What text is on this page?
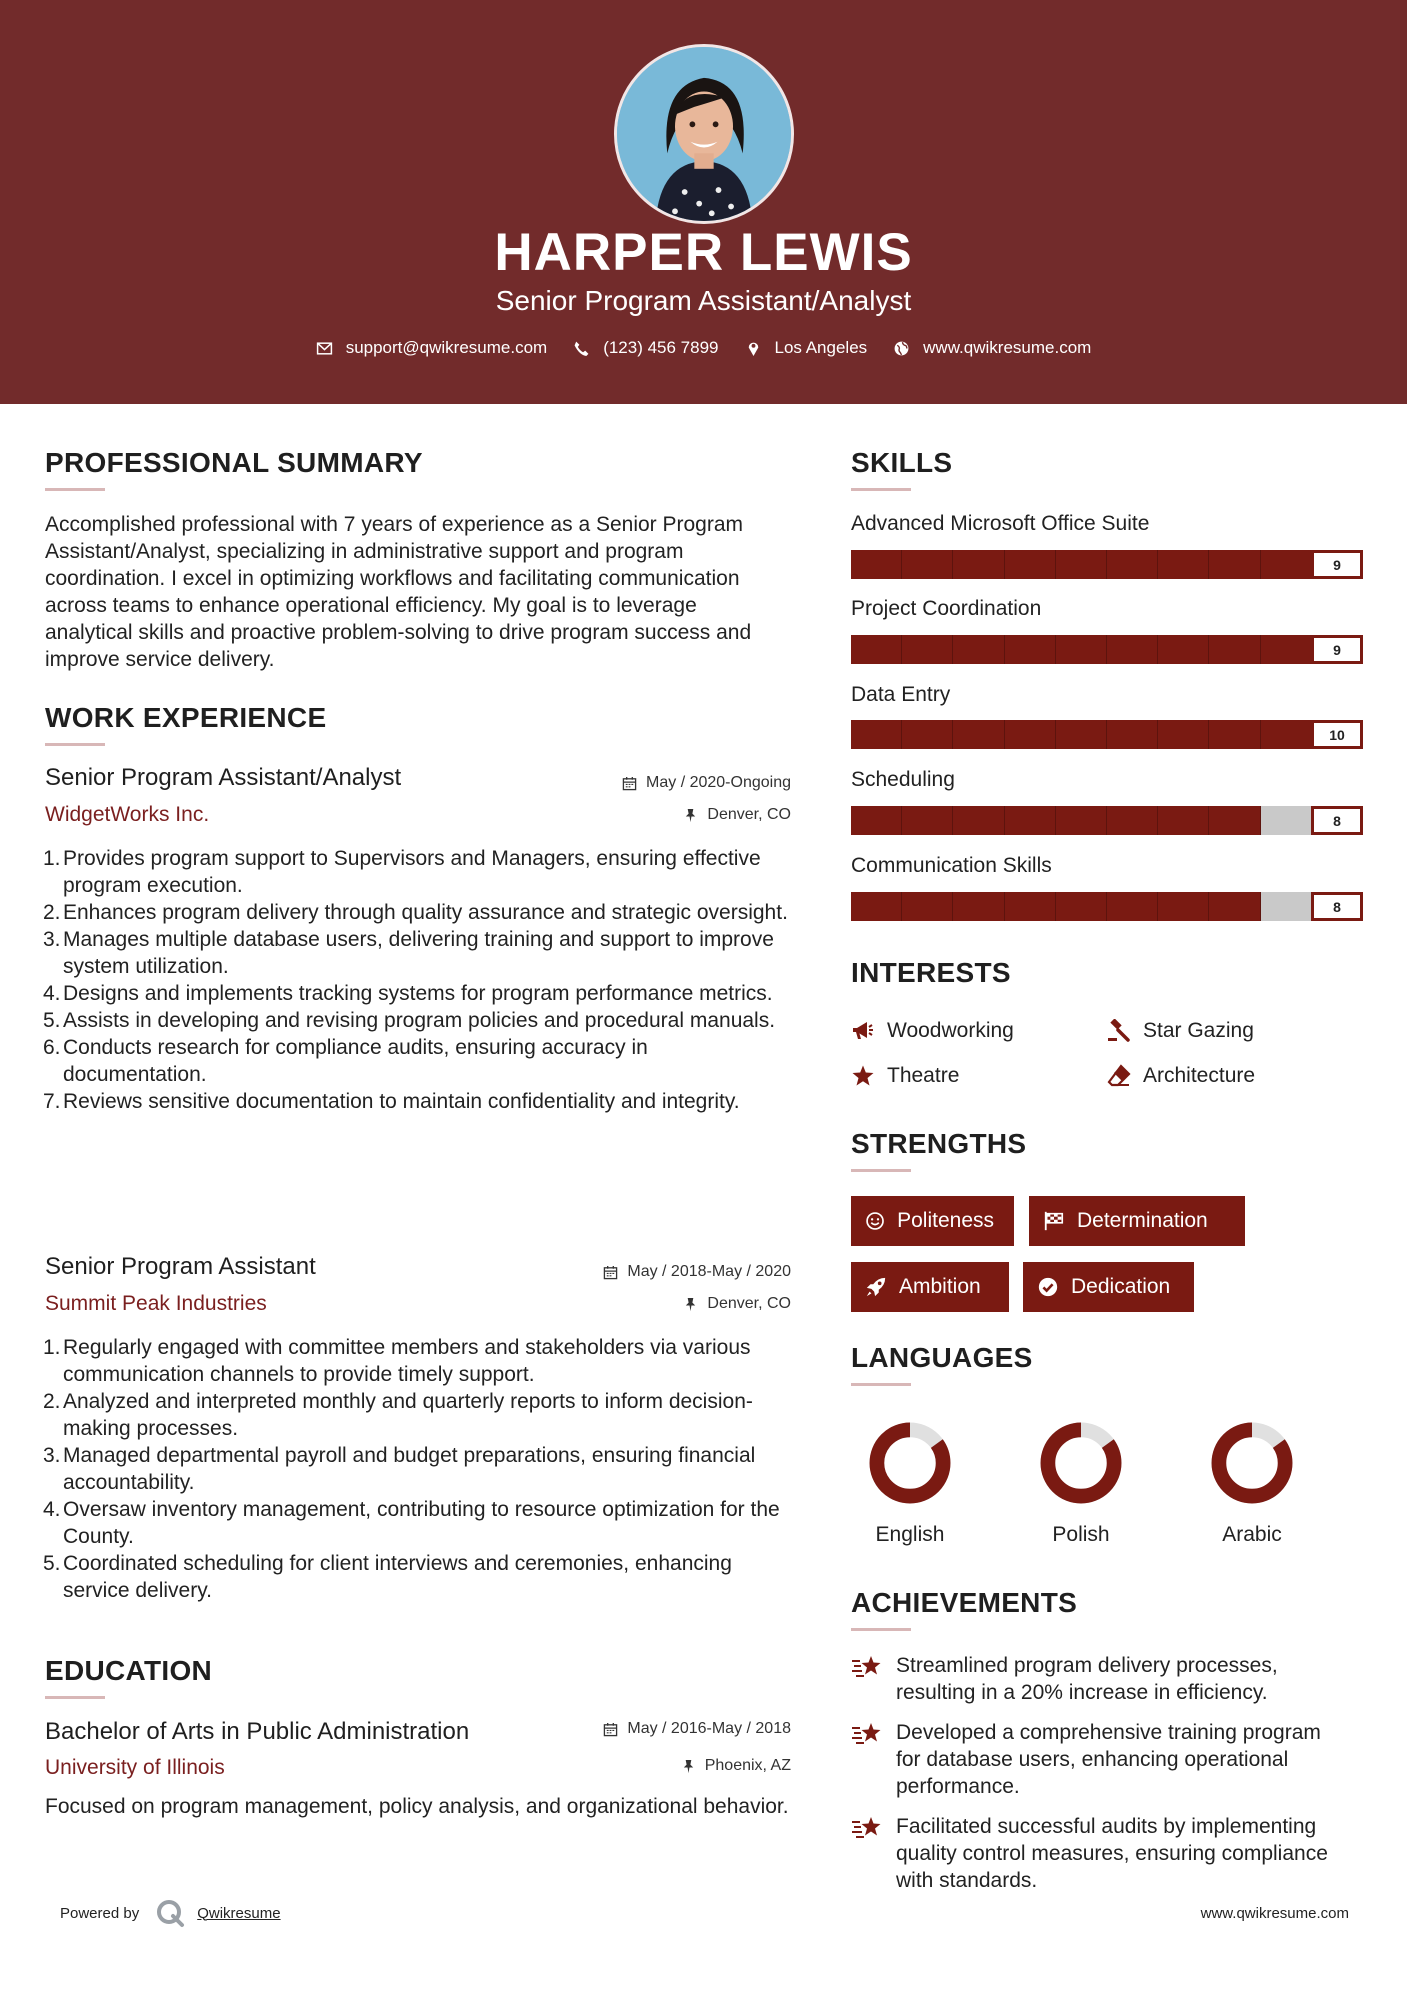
HARPER LEWIS
Senior Program Assistant/Analyst
support@qwikresume.com	(123) 456 7899	Los Angeles	www.qwikresume.com
PROFESSIONAL SUMMARY
Accomplished professional with 7 years of experience as a Senior Program Assistant/Analyst, specializing in administrative support and program coordination. I excel in optimizing workflows and facilitating communication across teams to enhance operational efficiency. My goal is to leverage analytical skills and proactive problem-solving to drive program success and improve service delivery.
WORK EXPERIENCE
Senior Program Assistant/Analyst	May / 2020-Ongoing
WidgetWorks Inc.	Denver, CO
1. Provides program support to Supervisors and Managers, ensuring effective program execution.
2. Enhances program delivery through quality assurance and strategic oversight.
3. Manages multiple database users, delivering training and support to improve system utilization.
4. Designs and implements tracking systems for program performance metrics.
5. Assists in developing and revising program policies and procedural manuals.
6. Conducts research for compliance audits, ensuring accuracy in documentation.
7. Reviews sensitive documentation to maintain confidentiality and integrity.
Senior Program Assistant	May / 2018-May / 2020
Summit Peak Industries	Denver, CO
1. Regularly engaged with committee members and stakeholders via various communication channels to provide timely support.
2. Analyzed and interpreted monthly and quarterly reports to inform decision-making processes.
3. Managed departmental payroll and budget preparations, ensuring financial accountability.
4. Oversaw inventory management, contributing to resource optimization for the County.
5. Coordinated scheduling for client interviews and ceremonies, enhancing service delivery.
EDUCATION
Bachelor of Arts in Public Administration	May / 2016-May / 2018
University of Illinois	Phoenix, AZ
Focused on program management, policy analysis, and organizational behavior.
SKILLS
Advanced Microsoft Office Suite
9
Project Coordination
9
Data Entry
10
Scheduling
8
Communication Skills
8
INTERESTS
Woodworking	Star Gazing
Theatre	Architecture
STRENGTHS
Politeness	Determination
Ambition	Dedication
LANGUAGES
English	Polish	Arabic
ACHIEVEMENTS
Streamlined program delivery processes, resulting in a 20% increase in efficiency.
Developed a comprehensive training program for database users, enhancing operational performance.
Facilitated successful audits by implementing quality control measures, ensuring compliance with standards.
Powered by	Qwikresume	www.qwikresume.com
